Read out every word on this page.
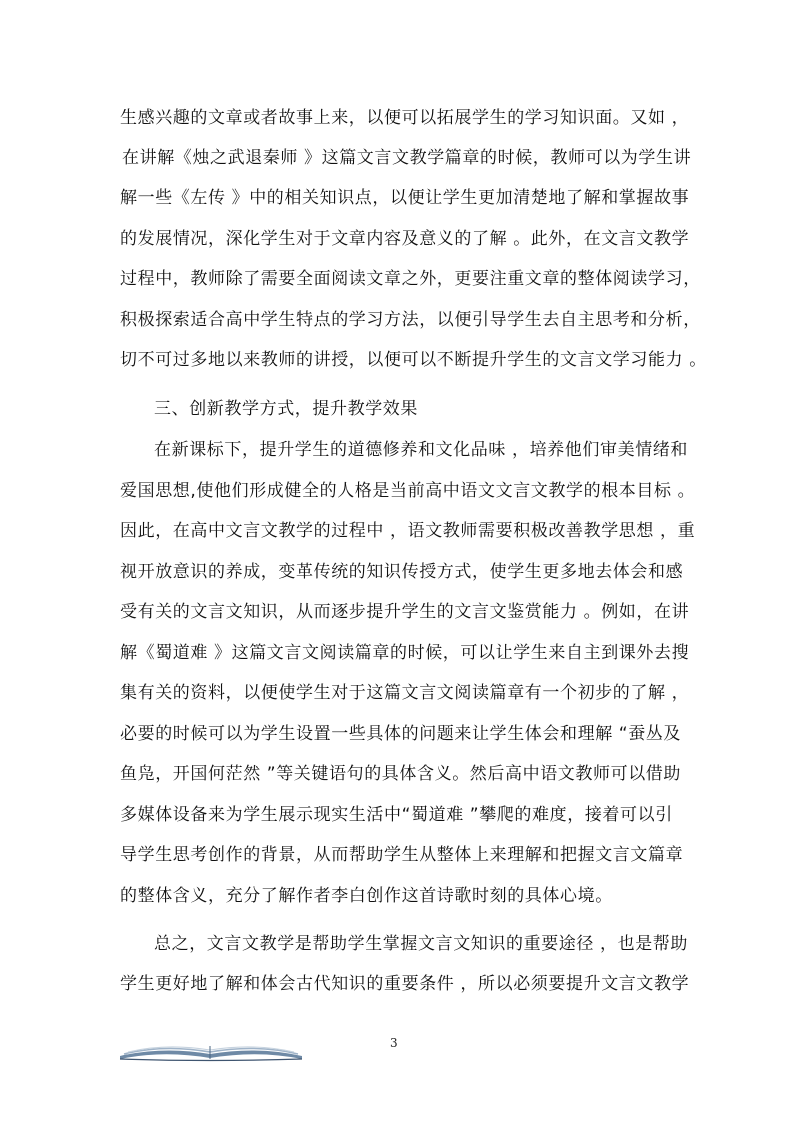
生感兴趣的文章或者故事上来，以便可以拓展学生的学习知识面。又如 ，
在讲解《烛之武退秦师 》这篇文言文教学篇章的时候，教师可以为学生讲
解一些《左传 》中的相关知识点，以便让学生更加清楚地了解和掌握故事
的发展情况，深化学生对于文章内容及意义的了解 。此外，在文言文教学
过程中，教师除了需要全面阅读文章之外，更要注重文章的整体阅读学习，
积极探索适合高中学生特点的学习方法，以便引导学生去自主思考和分析，
切不可过多地以来教师的讲授，以便可以不断提升学生的文言文学习能力 。
三、创新教学方式，提升教学效果
在新课标下，提升学生的道德修养和文化品味 ，培养他们审美情绪和
爱国思想,使他们形成健全的人格是当前高中语文文言文教学的根本目标 。
因此，在高中文言文教学的过程中 ，语文教师需要积极改善教学思想 ，重
视开放意识的养成，变革传统的知识传授方式，使学生更多地去体会和感
受有关的文言文知识，从而逐步提升学生的文言文鉴赏能力 。例如，在讲
解《蜀道难 》这篇文言文阅读篇章的时候，可以让学生来自主到课外去搜
集有关的资料，以便使学生对于这篇文言文阅读篇章有一个初步的了解 ，
必要的时候可以为学生设置一些具体的问题来让学生体会和理解 “蚕丛及
鱼凫，开国何茫然 ”等关键语句的具体含义。然后高中语文教师可以借助
多媒体设备来为学生展示现实生活中“蜀道难 ”攀爬的难度，接着可以引
导学生思考创作的背景，从而帮助学生从整体上来理解和把握文言文篇章
的整体含义，充分了解作者李白创作这首诗歌时刻的具体心境。
总之，文言文教学是帮助学生掌握文言文知识的重要途径 ，也是帮助
学生更好地了解和体会古代知识的重要条件 ，所以必须要提升文言文教学
3
